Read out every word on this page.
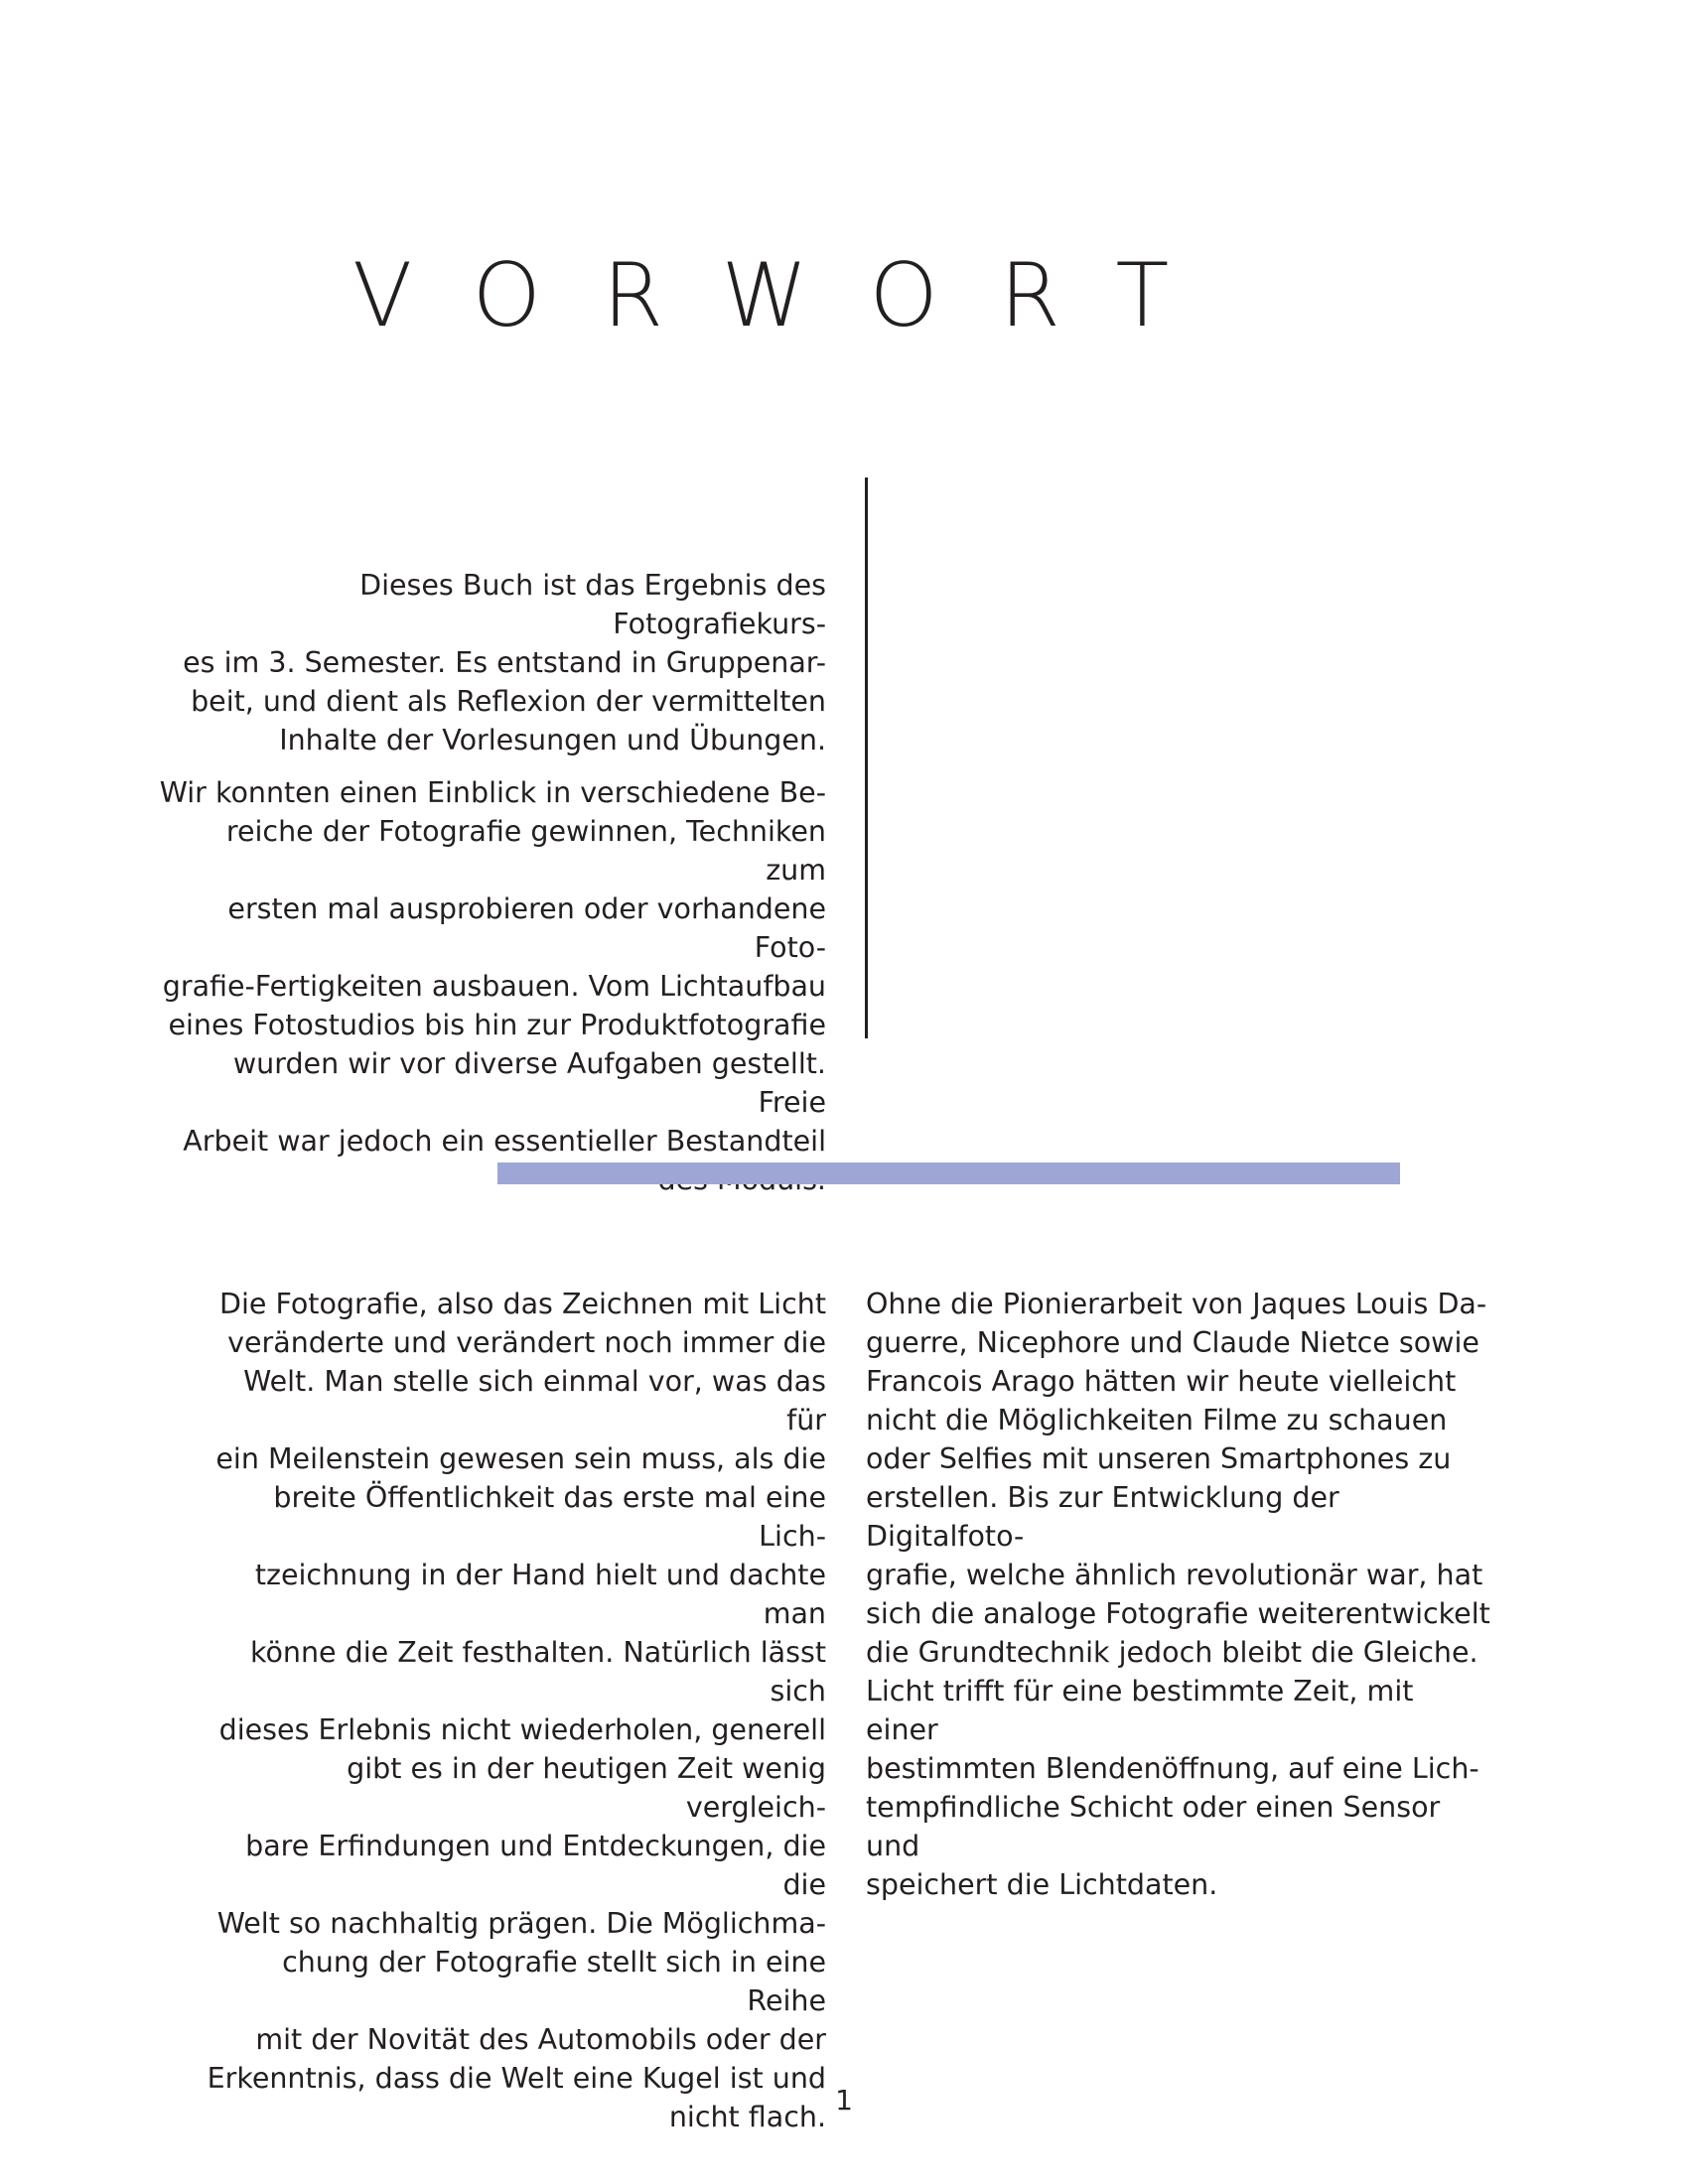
VORWORT

Dieses Buch ist das Ergebnis des Fotografiekurs-
es im 3. Semester. Es entstand in Gruppenar-
beit, und dient als Reflexion der vermittelten
Inhalte der Vorlesungen und Übungen.

Wir konnten einen Einblick in verschiedene Be-
reiche der Fotografie gewinnen, Techniken zum
ersten mal ausprobieren oder vorhandene Foto-
grafie-Fertigkeiten ausbauen. Vom Lichtaufbau
eines Fotostudios bis hin zur Produktfotografie
wurden wir vor diverse Aufgaben gestellt. Freie
Arbeit war jedoch ein essentieller Bestandteil

Die Fotografie, also das Zeichnen mit Licht
veränderte und verändert noch immer die
Welt. Man stelle sich einmal vor, was das für
ein Meilenstein gewesen sein muss, als die
breite Öffentlichkeit das erste mal eine Lich-
tzeichnung in der Hand hielt und dachte man
könne die Zeit festhalten. Natürlich lässt sich
dieses Erlebnis nicht wiederholen, generell
gibt es in der heutigen Zeit wenig vergleich-
bare Erfindungen und Entdeckungen, die die
Welt so nachhaltig prägen. Die Möglichma-
chung der Fotografie stellt sich in eine Reihe
mit der Novität des Automobils oder der
Erkenntnis, dass die Welt eine Kugel ist und
nicht flach.

Ohne die Pionierarbeit von Jaques Louis Da-
guerre, Nicephore und Claude Nietce sowie
Francois Arago hätten wir heute vielleicht
nicht die Möglichkeiten Filme zu schauen
oder Selfies mit unseren Smartphones zu
erstellen. Bis zur Entwicklung der Digitalfoto-
grafie, welche ähnlich revolutionär war, hat
sich die analoge Fotografie weiterentwickelt
die Grundtechnik jedoch bleibt die Gleiche.
Licht trifft für eine bestimmte Zeit, mit einer
bestimmten Blendenöffnung, auf eine Lich-
tempfindliche Schicht oder einen Sensor und
speichert die Lichtdaten.

1
